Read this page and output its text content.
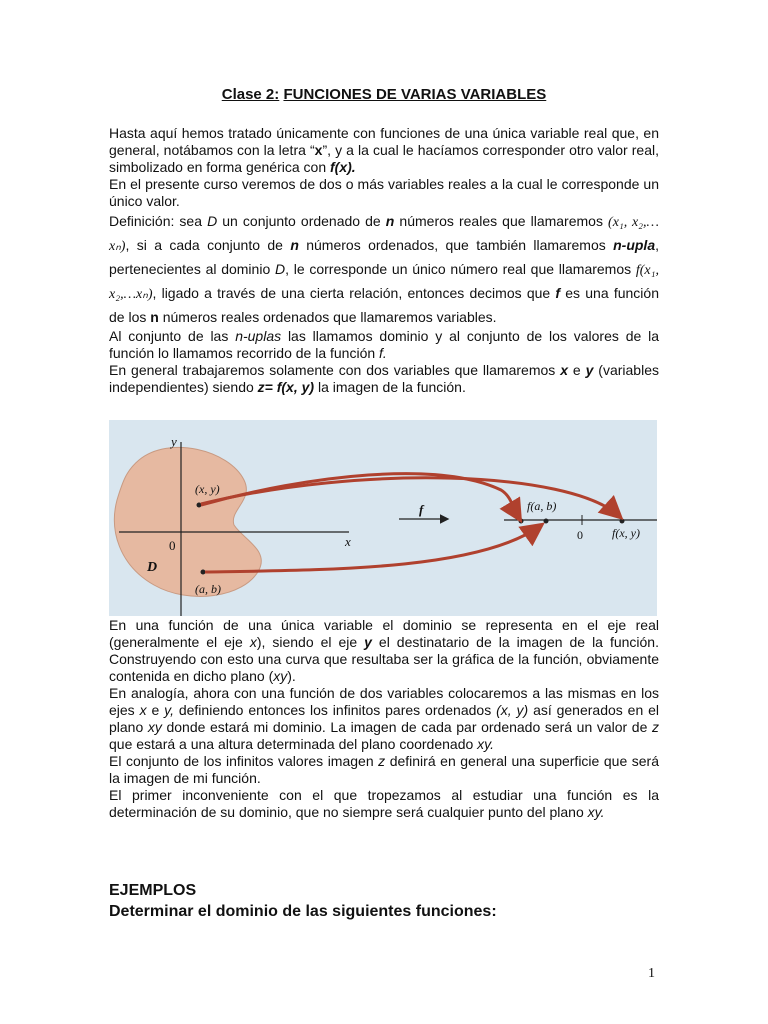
Clase 2: FUNCIONES DE VARIAS VARIABLES

Hasta aquí hemos tratado únicamente con funciones de una única variable real que, en general, notábamos con la letra “x”, y a la cual le hacíamos corresponder otro valor real, simbolizado en forma genérica con f(x).

En el presente curso veremos de dos o más variables reales a la cual le corresponde un único valor.

Definición: sea D un conjunto ordenado de n números reales que llamaremos (x₁, x₂,…xₙ), si a cada conjunto de n números ordenados, que también llamaremos n-upla, pertenecientes al dominio D, le corresponde un único número real que llamaremos f(x₁, x₂,…xₙ), ligado a través de una cierta relación, entonces decimos que f es una función de los n números reales ordenados que llamaremos variables.

Al conjunto de las n-uplas las llamamos dominio y al conjunto de los valores de la función lo llamamos recorrido de la función f.

En general trabajaremos solamente con dos variables que llamaremos x e y (variables independientes) siendo z= f(x, y) la imagen de la función.

y
x
0
D
(x, y)
(a, b)
f	f(a, b)
0 f(x, y)

En una función de una única variable el dominio se representa en el eje real (generalmente el eje x), siendo el eje y el destinatario de la imagen de la función. Construyendo con esto una curva que resultaba ser la gráfica de la función, obviamente contenida en dicho plano (xy).

En analogía, ahora con una función de dos variables colocaremos a las mismas en los ejes x e y, definiendo entonces los infinitos pares ordenados (x, y) así generados en el plano xy donde estará mi dominio. La imagen de cada par ordenado será un valor de z que estará a una altura determinada del plano coordenado xy.

El conjunto de los infinitos valores imagen z definirá en general una superficie que será la imagen de mi función.

El primer inconveniente con el que tropezamos al estudiar una función es la determinación de su dominio, que no siempre será cualquier punto del plano xy.

EJEMPLOS
Determinar el dominio de las siguientes funciones:
1
